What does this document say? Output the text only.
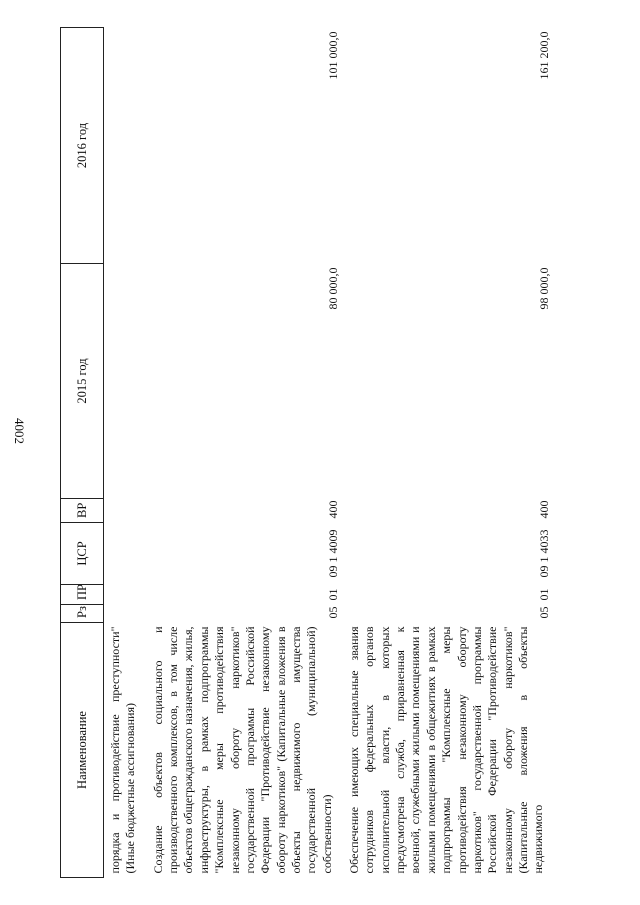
4002
Наименование	Рз	ПР	ЦСР	ВР	2015 год	2016 год
порядка и противодействие преступности" (Иные бюджетные ассигнования)						
Создание объектов социального и производственного комплексов, в том числе объектов общегражданского назначения, жилья, инфраструктуры, в рамках подпрограммы "Комплексные меры противодействия незаконному обороту наркотиков" государственной программы Российской Федерации "Противодействие незаконному обороту наркотиков" (Капитальные вложения в объекты недвижимого имущества государственной (муниципальной) собственности)	05	01	09 1 4009	400	80 000,0	101 000,0
Обеспечение имеющих специальные звания сотрудников федеральных органов исполнительной власти, в которых предусмотрена служба, приравненная к военной, служебными жилыми помещениями и жилыми помещениями в общежитиях в рамках подпрограммы "Комплексные меры противодействия незаконному обороту наркотиков" государственной программы Российской Федерации "Противодействие незаконному обороту наркотиков" (Капитальные вложения в объекты недвижимого	05	01	09 1 4033	400	98 000,0	161 200,0
